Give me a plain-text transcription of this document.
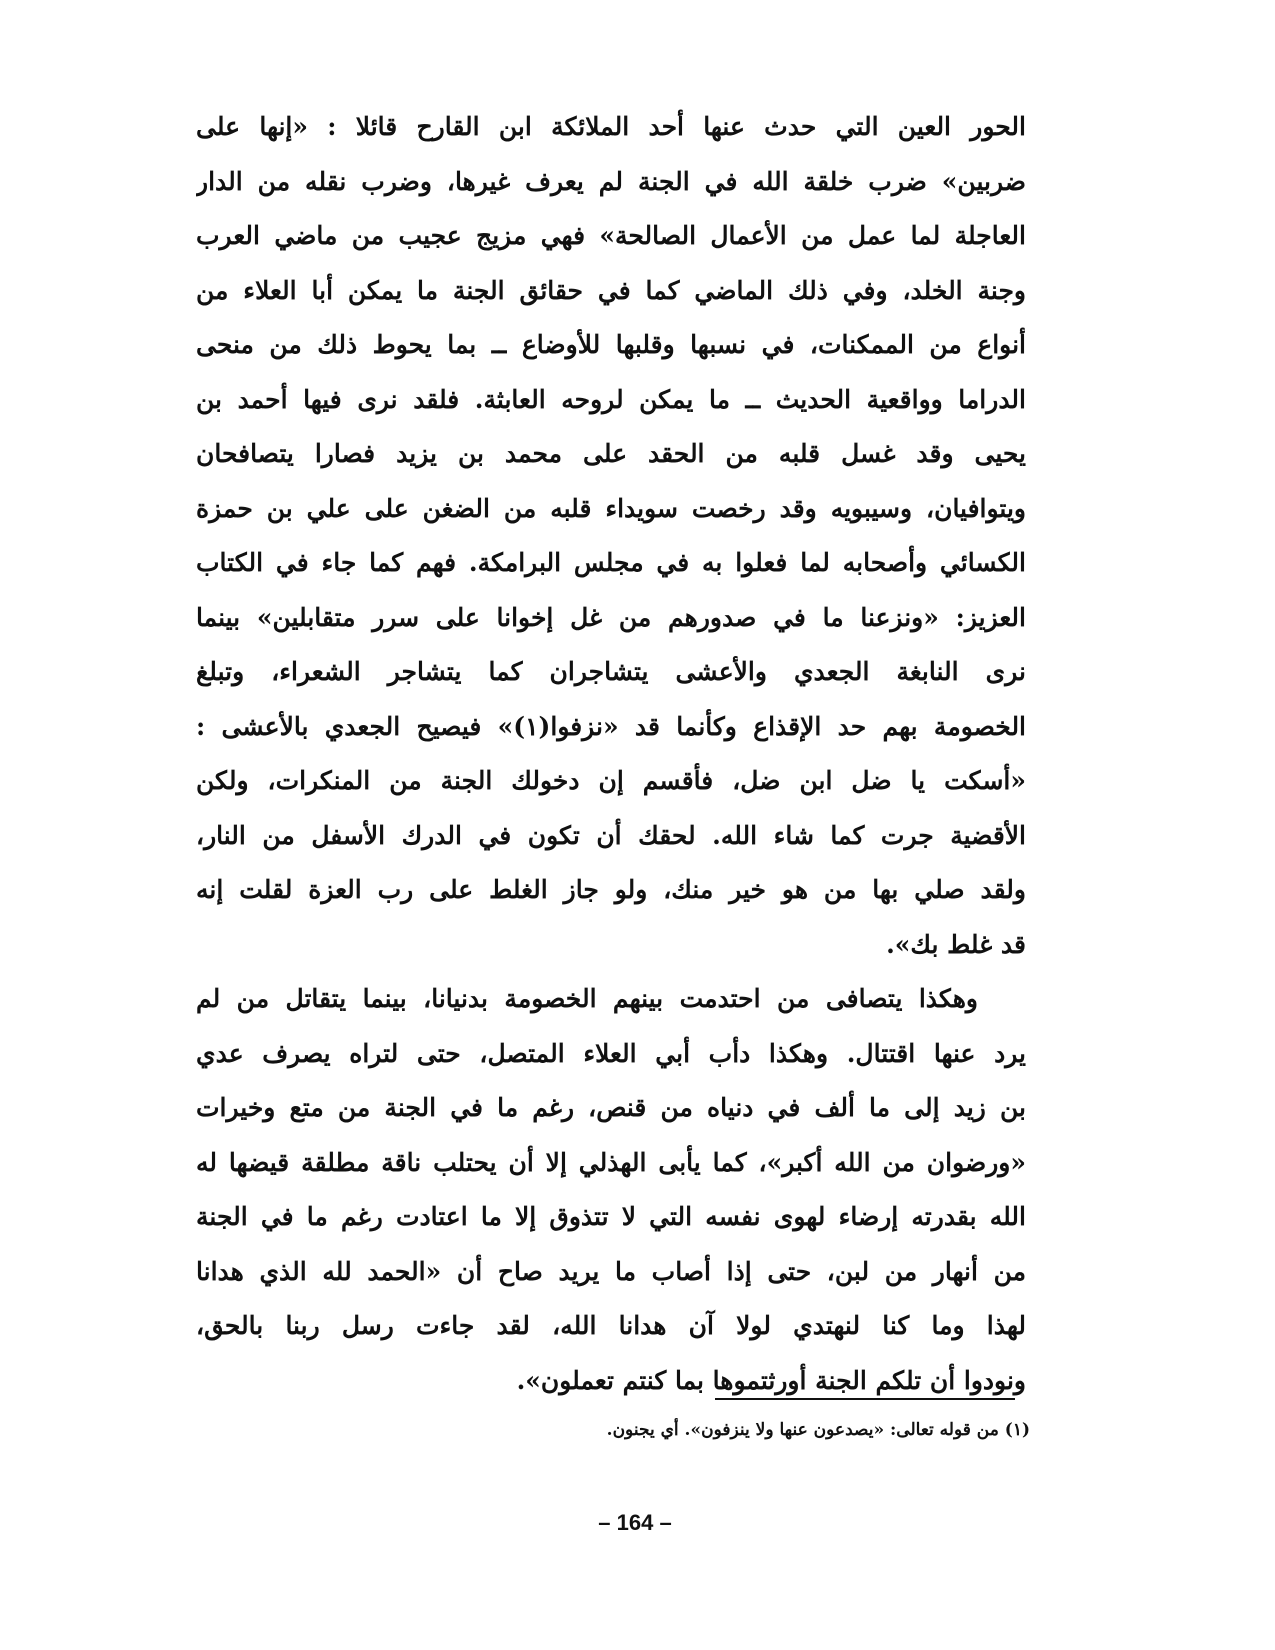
الحور العين التي حدث عنها أحد الملائكة ابن القارح قائلا : «إنها على
ضربين» ضرب خلقة الله في الجنة لم يعرف غيرها، وضرب نقله من الدار
العاجلة لما عمل من الأعمال الصالحة» فهي مزيج عجيب من ماضي العرب
وجنة الخلد، وفي ذلك الماضي كما في حقائق الجنة ما يمكن أبا العلاء من
أنواع من الممكنات، في نسبها وقلبها للأوضاع ــ بما يحوط ذلك من منحى
الدراما وواقعية الحديث ــ ما يمكن لروحه العابثة. فلقد نرى فيها أحمد بن
يحيى وقد غسل قلبه من الحقد على محمد بن يزيد فصارا يتصافحان
ويتوافيان، وسيبويه وقد رخصت سويداء قلبه من الضغن على علي بن حمزة
الكسائي وأصحابه لما فعلوا به في مجلس البرامكة. فهم كما جاء في الكتاب
العزيز: «ونزعنا ما في صدورهم من غل إخوانا على سرر متقابلين» بينما
نرى النابغة الجعدي والأعشى يتشاجران كما يتشاجر الشعراء، وتبلغ
الخصومة بهم حد الإقذاع وكأنما قد «نزفوا(١)» فيصيح الجعدي بالأعشى :
«أسكت يا ضل ابن ضل، فأقسم إن دخولك الجنة من المنكرات، ولكن
الأقضية جرت كما شاء الله. لحقك أن تكون في الدرك الأسفل من النار،
ولقد صلي بها من هو خير منك، ولو جاز الغلط على رب العزة لقلت إنه
قد غلط بك».
وهكذا يتصافى من احتدمت بينهم الخصومة بدنيانا، بينما يتقاتل من لم
يرد عنها اقتتال. وهكذا دأب أبي العلاء المتصل، حتى لتراه يصرف عدي
بن زيد إلى ما ألف في دنياه من قنص، رغم ما في الجنة من متع وخيرات
«ورضوان من الله أكبر»، كما يأبى الهذلي إلا أن يحتلب ناقة مطلقة قيضها له
الله بقدرته إرضاء لهوى نفسه التي لا تتذوق إلا ما اعتادت رغم ما في الجنة
من أنهار من لبن، حتى إذا أصاب ما يريد صاح أن «الحمد لله الذي هدانا
لهذا وما كنا لنهتدي لولا آن هدانا الله، لقد جاءت رسل ربنا بالحق،
ونودوا أن تلكم الجنة أورثتموها بما كنتم تعملون».
(١) من قوله تعالى: «يصدعون عنها ولا ينزفون». أي يجنون.
– 164 –
